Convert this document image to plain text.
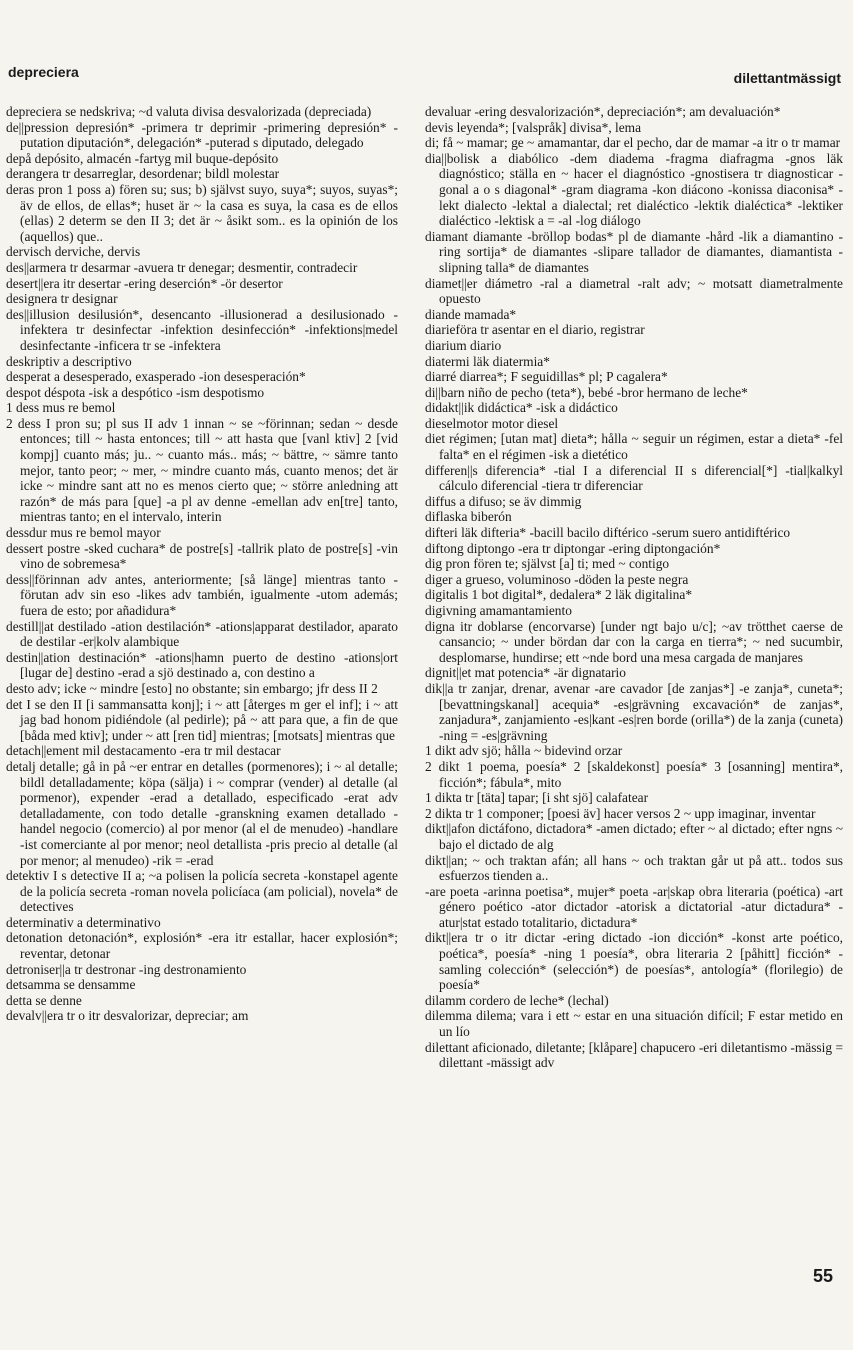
depreciera	dilettantmässigt

depreciera se nedskriva; ~d valuta divisa desvalorizada (depreciada)

de||pression depresión* -primera tr deprimir -primering depresión* -putation diputación*, delegación* -puterad s diputado, delegado

depå depósito, almacén -fartyg mil buque-depósito

derangera tr desarreglar, desordenar; bildl molestar

deras pron 1 poss a) fören su; sus; b) självst suyo, suya*; suyos, suyas*; äv de ellos, de ellas*; huset är ~ la casa es suya, la casa es de ellos (ellas) 2 determ se den II 3; det är ~ åsikt som.. es la opinión de los (aquellos) que..

dervisch derviche, dervis

des||armera tr desarmar -avuera tr denegar; desmentir, contradecir

desert||era itr desertar -ering deserción* -ör desertor

designera tr designar

des||illusion desilusión*, desencanto -illusionerad a desilusionado -infektera tr desinfectar -infektion desinfección* -infektions|medel desinfectante -inficera tr se -infektera

deskriptiv a descriptivo

desperat a desesperado, exasperado -ion desesperación*

despot déspota -isk a despótico -ism despotismo

1 dess mus re bemol

2 dess I pron su; pl sus II adv 1 innan ~ se ~förinnan; sedan ~ desde entonces; till ~ hasta entonces; till ~ att hasta que [vanl ktiv] 2 [vid kompj] cuanto más; ju.. ~ cuanto más.. más; ~ bättre, ~ sämre tanto mejor, tanto peor; ~ mer, ~ mindre cuanto más, cuanto menos; det är icke ~ mindre sant att no es menos cierto que; ~ större anledning att razón* de más para [que] -a pl av denne -emellan adv en[tre] tanto, mientras tanto; en el intervalo, interin

dessdur mus re bemol mayor

dessert postre -sked cuchara* de postre[s] -tallrik plato de postre[s] -vin vino de sobremesa*

dess||förinnan adv antes, anteriormente; [så länge] mientras tanto -förutan adv sin eso -likes adv también, igualmente -utom además; fuera de esto; por añadidura*

destill||at destilado -ation destilación* -ations|apparat destilador, aparato de destilar -er|kolv alambique

destin||ation destinación* -ations|hamn puerto de destino -ations|ort [lugar de] destino -erad a sjö destinado a, con destino a

desto adv; icke ~ mindre [esto] no obstante; sin embargo; jfr dess II 2

det I se den II [i sammansatta konj]; i ~ att [återges m ger el inf]; i ~ att jag bad honom pidiéndole (al pedirle); på ~ att para que, a fin de que [båda med ktiv]; under ~ att [ren tid] mientras; [motsats] mientras que

detach||ement mil destacamento -era tr mil destacar

detalj detalle; gå in på ~er entrar en detalles (pormenores); i ~ al detalle; bildl detalladamente; köpa (sälja) i ~ comprar (vender) al detalle (al pormenor), expender -erad a detallado, especificado -erat adv detalladamente, con todo detalle -granskning examen detallado -handel negocio (comercio) al por menor (al el de menudeo) -handlare -ist comerciante al por menor; neol detallista -pris precio al detalle (al por menor; al menudeo) -rik = -erad

detektiv I s detective II a; ~a polisen la policía secreta -konstapel agente de la policía secreta -roman novela policíaca (am policial), novela* de detectives

determinativ a determinativo

detonation detonación*, explosión* -era itr estallar, hacer explosión*; reventar, detonar

detroniser||a tr destronar -ing destronamiento

detsamma se densamme

detta se denne

devalv||era tr o itr desvalorizar, depreciar; am

devaluar -ering desvalorización*, depreciación*; am devaluación*

devis leyenda*; [valspråk] divisa*, lema

di; få ~ mamar; ge ~ amamantar, dar el pecho, dar de mamar -a itr o tr mamar

dia||bolisk a diabólico -dem diadema -fragma diafragma -gnos läk diagnóstico; ställa en ~ hacer el diagnóstico -gnostisera tr diagnosticar -gonal a o s diagonal* -gram diagrama -kon diácono -konissa diaconisa* -lekt dialecto -lektal a dialectal; ret dialéctico -lektik dialéctica* -lektiker dialéctico -lektisk a = -al -log diálogo

diamant diamante -bröllop bodas* pl de diamante -hård -lik a diamantino -ring sortija* de diamantes -slipare tallador de diamantes, diamantista -slipning talla* de diamantes

diamet||er diámetro -ral a diametral -ralt adv; ~ motsatt diametralmente opuesto

diande mamada*

diarieföra tr asentar en el diario, registrar

diarium diario

diatermi läk diatermia*

diarré diarrea*; F seguidillas* pl; P cagalera*

di||barn niño de pecho (teta*), bebé -bror hermano de leche*

didakt||ik didáctica* -isk a didáctico

dieselmotor motor diesel

diet régimen; [utan mat] dieta*; hålla ~ seguir un régimen, estar a dieta* -fel falta* en el régimen -isk a dietético

differen||s diferencia* -tial I a diferencial II s diferencial[*] -tial|kalkyl cálculo diferencial -tiera tr diferenciar

diffus a difuso; se äv dimmig

diflaska biberón

difteri läk difteria* -bacill bacilo diftérico -serum suero antidiftérico

diftong diptongo -era tr diptongar -ering diptongación*

dig pron fören te; självst [a] ti; med ~ contigo

diger a grueso, voluminoso -döden la peste negra

digitalis 1 bot digital*, dedalera* 2 läk digitalina*

digivning amamantamiento

digna itr doblarse (encorvarse) [under ngt bajo u/c]; ~av trötthet caerse de cansancio; ~ under bördan dar con la carga en tierra*; ~ ned sucumbir, desplomarse, hundirse; ett ~nde bord una mesa cargada de manjares

dignit||et mat potencia* -är dignatario

dik||a tr zanjar, drenar, avenar -are cavador [de zanjas*] -e zanja*, cuneta*; [bevattningskanal] acequia* -es|grävning excavación* de zanjas*, zanjadura*, zanjamiento -es|kant -es|ren borde (orilla*) de la zanja (cuneta) -ning = -es|grävning

1 dikt adv sjö; hålla ~ bidevind orzar

2 dikt 1 poema, poesía* 2 [skaldekonst] poesía* 3 [osanning] mentira*, ficción*; fábula*, mito

1 dikta tr [täta] tapar; [i sht sjö] calafatear

2 dikta tr 1 componer; [poesi äv] hacer versos 2 ~ upp imaginar, inventar

dikt||afon dictáfono, dictadora* -amen dictado; efter ~ al dictado; efter ngns ~ bajo el dictado de alg

dikt||an; ~ och traktan afán; all hans ~ och traktan går ut på att.. todos sus esfuerzos tienden a..

-are poeta -arinna poetisa*, mujer* poeta -ar|skap obra literaria (poética) -art género poético -ator dictador -atorisk a dictatorial -atur dictadura* -atur|stat estado totalitario, dictadura*

dikt||era tr o itr dictar -ering dictado -ion dicción* -konst arte poético, poética*, poesía* -ning 1 poesía*, obra literaria 2 [påhitt] ficción* -samling colección* (selección*) de poesías*, antología* (florilegio) de poesía*

dilamm cordero de leche* (lechal)

dilemma dilema; vara i ett ~ estar en una situación difícil; F estar metido en un lío

dilettant aficionado, diletante; [klåpare] chapucero -eri diletantismo -mässig = dilettant -mässigt adv

55
